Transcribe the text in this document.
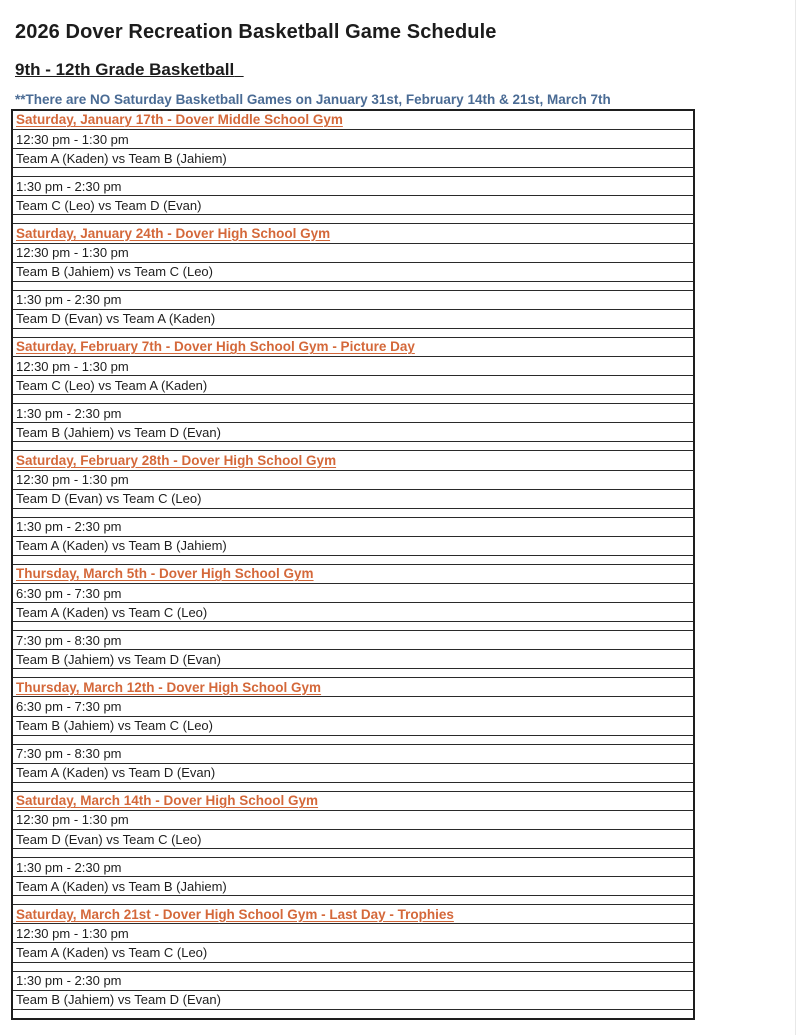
2026 Dover Recreation Basketball Game Schedule
9th - 12th Grade Basketball
**There are NO Saturday Basketball Games on January 31st, February 14th & 21st, March 7th
Saturday, January 17th - Dover Middle School Gym
12:30 pm - 1:30 pm
Team A (Kaden) vs Team B (Jahiem)
1:30 pm - 2:30 pm
Team C (Leo) vs Team D (Evan)
Saturday, January 24th - Dover High School Gym
12:30 pm - 1:30 pm
Team B (Jahiem) vs Team C (Leo)
1:30 pm - 2:30 pm
Team D (Evan) vs Team A (Kaden)
Saturday, February 7th - Dover High School Gym - Picture Day
12:30 pm - 1:30 pm
Team C (Leo) vs Team A (Kaden)
1:30 pm - 2:30 pm
Team B (Jahiem) vs Team D (Evan)
Saturday, February 28th - Dover High School Gym
12:30 pm - 1:30 pm
Team D (Evan) vs Team C (Leo)
1:30 pm - 2:30 pm
Team A (Kaden) vs Team B (Jahiem)
Thursday, March 5th - Dover High School Gym
6:30 pm - 7:30 pm
Team A (Kaden) vs Team C (Leo)
7:30 pm - 8:30 pm
Team B (Jahiem) vs Team D (Evan)
Thursday, March 12th - Dover High School Gym
6:30 pm - 7:30 pm
Team B (Jahiem) vs Team C (Leo)
7:30 pm - 8:30 pm
Team A (Kaden) vs Team D (Evan)
Saturday, March 14th - Dover High School Gym
12:30 pm - 1:30 pm
Team D (Evan) vs Team C (Leo)
1:30 pm - 2:30 pm
Team A (Kaden) vs Team B (Jahiem)
Saturday, March 21st - Dover High School Gym - Last Day - Trophies
12:30 pm - 1:30 pm
Team A (Kaden) vs Team C (Leo)
1:30 pm - 2:30 pm
Team B (Jahiem) vs Team D (Evan)
